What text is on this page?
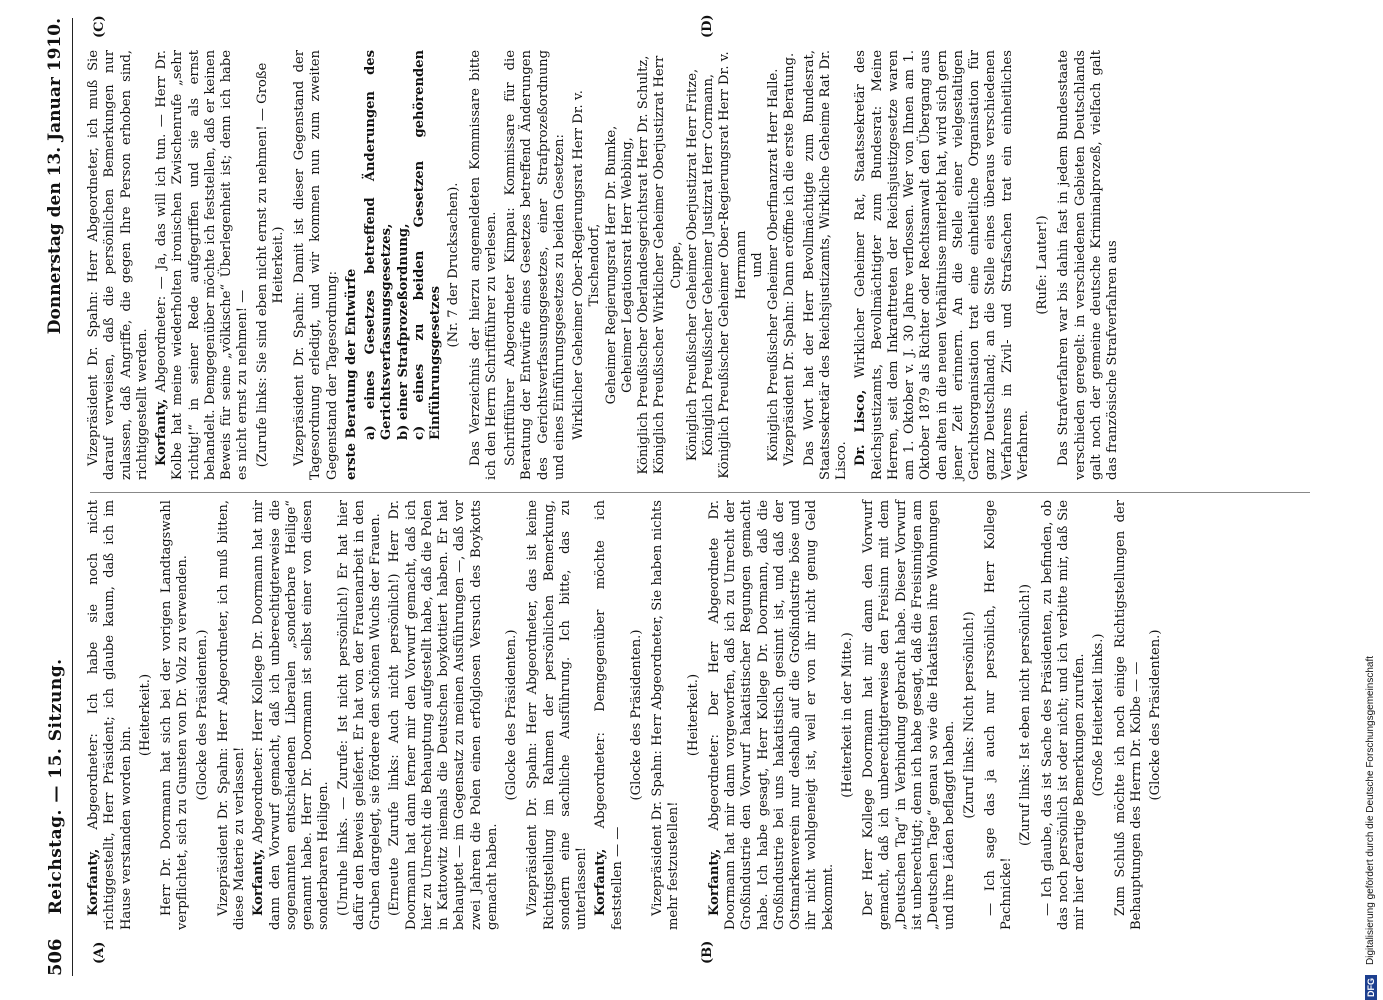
506
Reichstag. — 15. Sitzung.
Donnerstag den 13. Januar 1910.
(A)	(B)
(C)	(D)

Korfanty, Abgeordneter: Ich habe sie noch nicht richtiggestellt, Herr Präsident; ich glaube kaum, daß ich im Hause verstanden worden bin.

(Heiterkeit.) Herr Dr. Doormann hat sich bei der vorigen Landtagswahl verpflichtet, sich zu Gunsten von Dr. Volz zu verwenden. (Glocke des Präsidenten.) Vizepräsident Dr. Spahn: Herr Abgeordneter, ich muß bitten, diese Materie zu verlassen! Korfanty, Abgeordneter: Herr Kollege Dr. Doormann hat mir dann den Vorwurf gemacht, daß ich unberechtigterweise die sogenannten entschiedenen Liberalen „sonderbare Heilige“ genannt habe. Herr Dr. Doormann ist selbst einer von diesen sonderbaren Heiligen. (Unruhe links. — Zurufe: Ist nicht persönlich!) Er hat hier dafür den Beweis geliefert. Er hat von der Frauenarbeit in den Gruben dargelegt, sie fördere den schönen Wuchs der Frauen. (Erneute Zurufe links: Auch nicht persönlich!) Herr Dr. Doormann hat dann ferner mir den Vorwurf gemacht, daß ich hier zu Unrecht die Behauptung aufgestellt habe, daß die Polen in Kattowitz niemals die Deutschen boykottiert haben. Er hat behauptet — im Gegensatz zu meinen Ausführungen —, daß vor zwei Jahren die Polen einen erfolglosen Versuch des Boykotts gemacht haben.

(Glocke des Präsidenten.) Vizepräsident Dr. Spahn: Herr Abgeordneter, das ist keine Richtigstellung im Rahmen der persönlichen Bemerkung, sondern eine sachliche Ausführung. Ich bitte, das zu unterlassen! Korfanty, Abgeordneter: Demgegenüber möchte ich feststellen — —

(Glocke des Präsidenten.) Vizepräsident Dr. Spahn: Herr Abgeordneter, Sie haben nichts mehr festzustellen!

(Heiterkeit.)

Korfanty, Abgeordneter: Der Herr Abgeordnete Dr. Doormann hat mir dann vorgeworfen, daß ich zu Unrecht der Großindustrie den Vorwurf hakatistischer Regungen gemacht habe. Ich habe gesagt, Herr Kollege Dr. Doormann, daß die Großindustrie bei uns hakatistisch gesinnt ist, und daß der Ostmarkenverein nur deshalb auf die Großindustrie böse und ihr nicht wohlgeneigt ist, weil er von ihr nicht genug Geld bekommt.

(Heiterkeit in der Mitte.) Der Herr Kollege Doormann hat mir dann den Vorwurf gemacht, daß ich unberechtigterweise den Freisinn mit dem „Deutschen Tag“ in Verbindung gebracht habe. Dieser Vorwurf ist unberechtigt; denn ich habe gesagt, daß die Freisinnigen am „Deutschen Tage“ genau so wie die Hakatisten ihre Wohnungen und ihre Läden beflaggt haben.

(Zuruf links: Nicht persönlich!) — Ich sage das ja auch nur persönlich, Herr Kollege Pachnicke!

(Zuruf links: Ist eben nicht persönlich!) — Ich glaube, das ist Sache des Präsidenten, zu befinden, ob das noch persönlich ist oder nicht; und ich verbitte mir, daß Sie mir hier derartige Bemerkungen zurufen. (Große Heiterkeit links.) Zum Schluß möchte ich noch einige Richtigstellungen der Behauptungen des Herrn Dr. Kolbe — — (Glocke des Präsidenten.)

Vizepräsident Dr. Spahn: Herr Abgeordneter, ich muß Sie darauf verweisen, daß die persönlichen Bemerkungen nur zulassen, daß Angriffe, die gegen Ihre Person erhoben sind, richtiggestellt werden. Korfanty, Abgeordneter: — Ja, das will ich tun. — Herr Dr. Kolbe hat meine wiederholten ironischen Zwischenrufe „sehr richtig!“ in seiner Rede aufgegriffen und sie als ernst behandelt. Demgegenüber möchte ich feststellen, daß er keinen Beweis für seine „völkische“ Überlegenheit ist; denn ich habe es nicht ernst zu nehmen! — (Zurufe links: Sie sind eben nicht ernst zu nehmen! — Große Heiterkeit.) Vizepräsident Dr. Spahn: Damit ist dieser Gegenstand der Tagesordnung erledigt, und wir kommen nun zum zweiten Gegenstand der Tagesordnung: erste Beratung der Entwürfe a) eines Gesetzes betreffend Änderungen des Gerichtsverfassungsgesetzes, b) einer Strafprozeßordnung, c) eines zu beiden Gesetzen gehörenden Einführungsgesetzes

(Nr. 7 der Drucksachen). Das Verzeichnis der hierzu angemeldeten Kommissare bitte ich den Herrn Schriftführer zu verlesen. Schriftführer Abgeordneter Kimpau: Kommissare für die Beratung der Entwürfe eines Gesetzes betreffend Änderungen des Gerichtsverfassungsgesetzes, einer Strafprozeßordnung und eines Einführungsgesetzes zu beiden Gesetzen: Wirklicher Geheimer Ober-Regierungsrat Herr Dr. v. Tischendorf, Geheimer Regierungsrat Herr Dr. Bumke, Geheimer Legationsrat Herr Webbing, Königlich Preußischer Oberlandesgerichtsrat Herr Dr. Schultz, Königlich Preußischer Wirklicher Geheimer Oberjustizrat Herr Cuppe, Königlich Preußischer Geheimer Oberjustizrat Herr Fritze, Königlich Preußischer Geheimer Justizrat Herr Cormann, Königlich Preußischer Geheimer Ober-Regierungsrat Herr Dr. v. Herrmann und Königlich Preußischer Geheimer Oberfinanzrat Herr Halle. Vizepräsident Dr. Spahn: Dann eröffne ich die erste Beratung. Das Wort hat der Herr Bevollmächtigte zum Bundesrat, Staatssekretär des Reichsjustizamts, Wirkliche Geheime Rat Dr. Lisco. Dr. Lisco, Wirklicher Geheimer Rat, Staatssekretär des Reichsjustizamts, Bevollmächtigter zum Bundesrat: Meine Herren, seit dem Inkrafttreten der Reichsjustizgesetze waren am 1. Oktober v. J. 30 Jahre verflossen. Wer von Ihnen am 1. Oktober 1879 als Richter oder Rechtsanwalt den Übergang aus den alten in die neuen Verhältnisse miterlebt hat, wird sich gern jener Zeit erinnern. An die Stelle einer vielgestaltigen Gerichtsorganisation trat eine einheitliche Organisation für ganz Deutschland; an die Stelle eines überaus verschiedenen Verfahrens in Zivil- und Strafsachen trat ein einheitliches Verfahren.

(Rufe: Lauter!) Das Strafverfahren war bis dahin fast in jedem Bundesstaate verschieden geregelt: in verschiedenen Gebieten Deutschlands galt noch der gemeine deutsche Kriminalprozeß, vielfach galt das französische Strafverfahren aus

DFG
Digitalisierung gefördert durch die Deutsche Forschungsgemeinschaft
